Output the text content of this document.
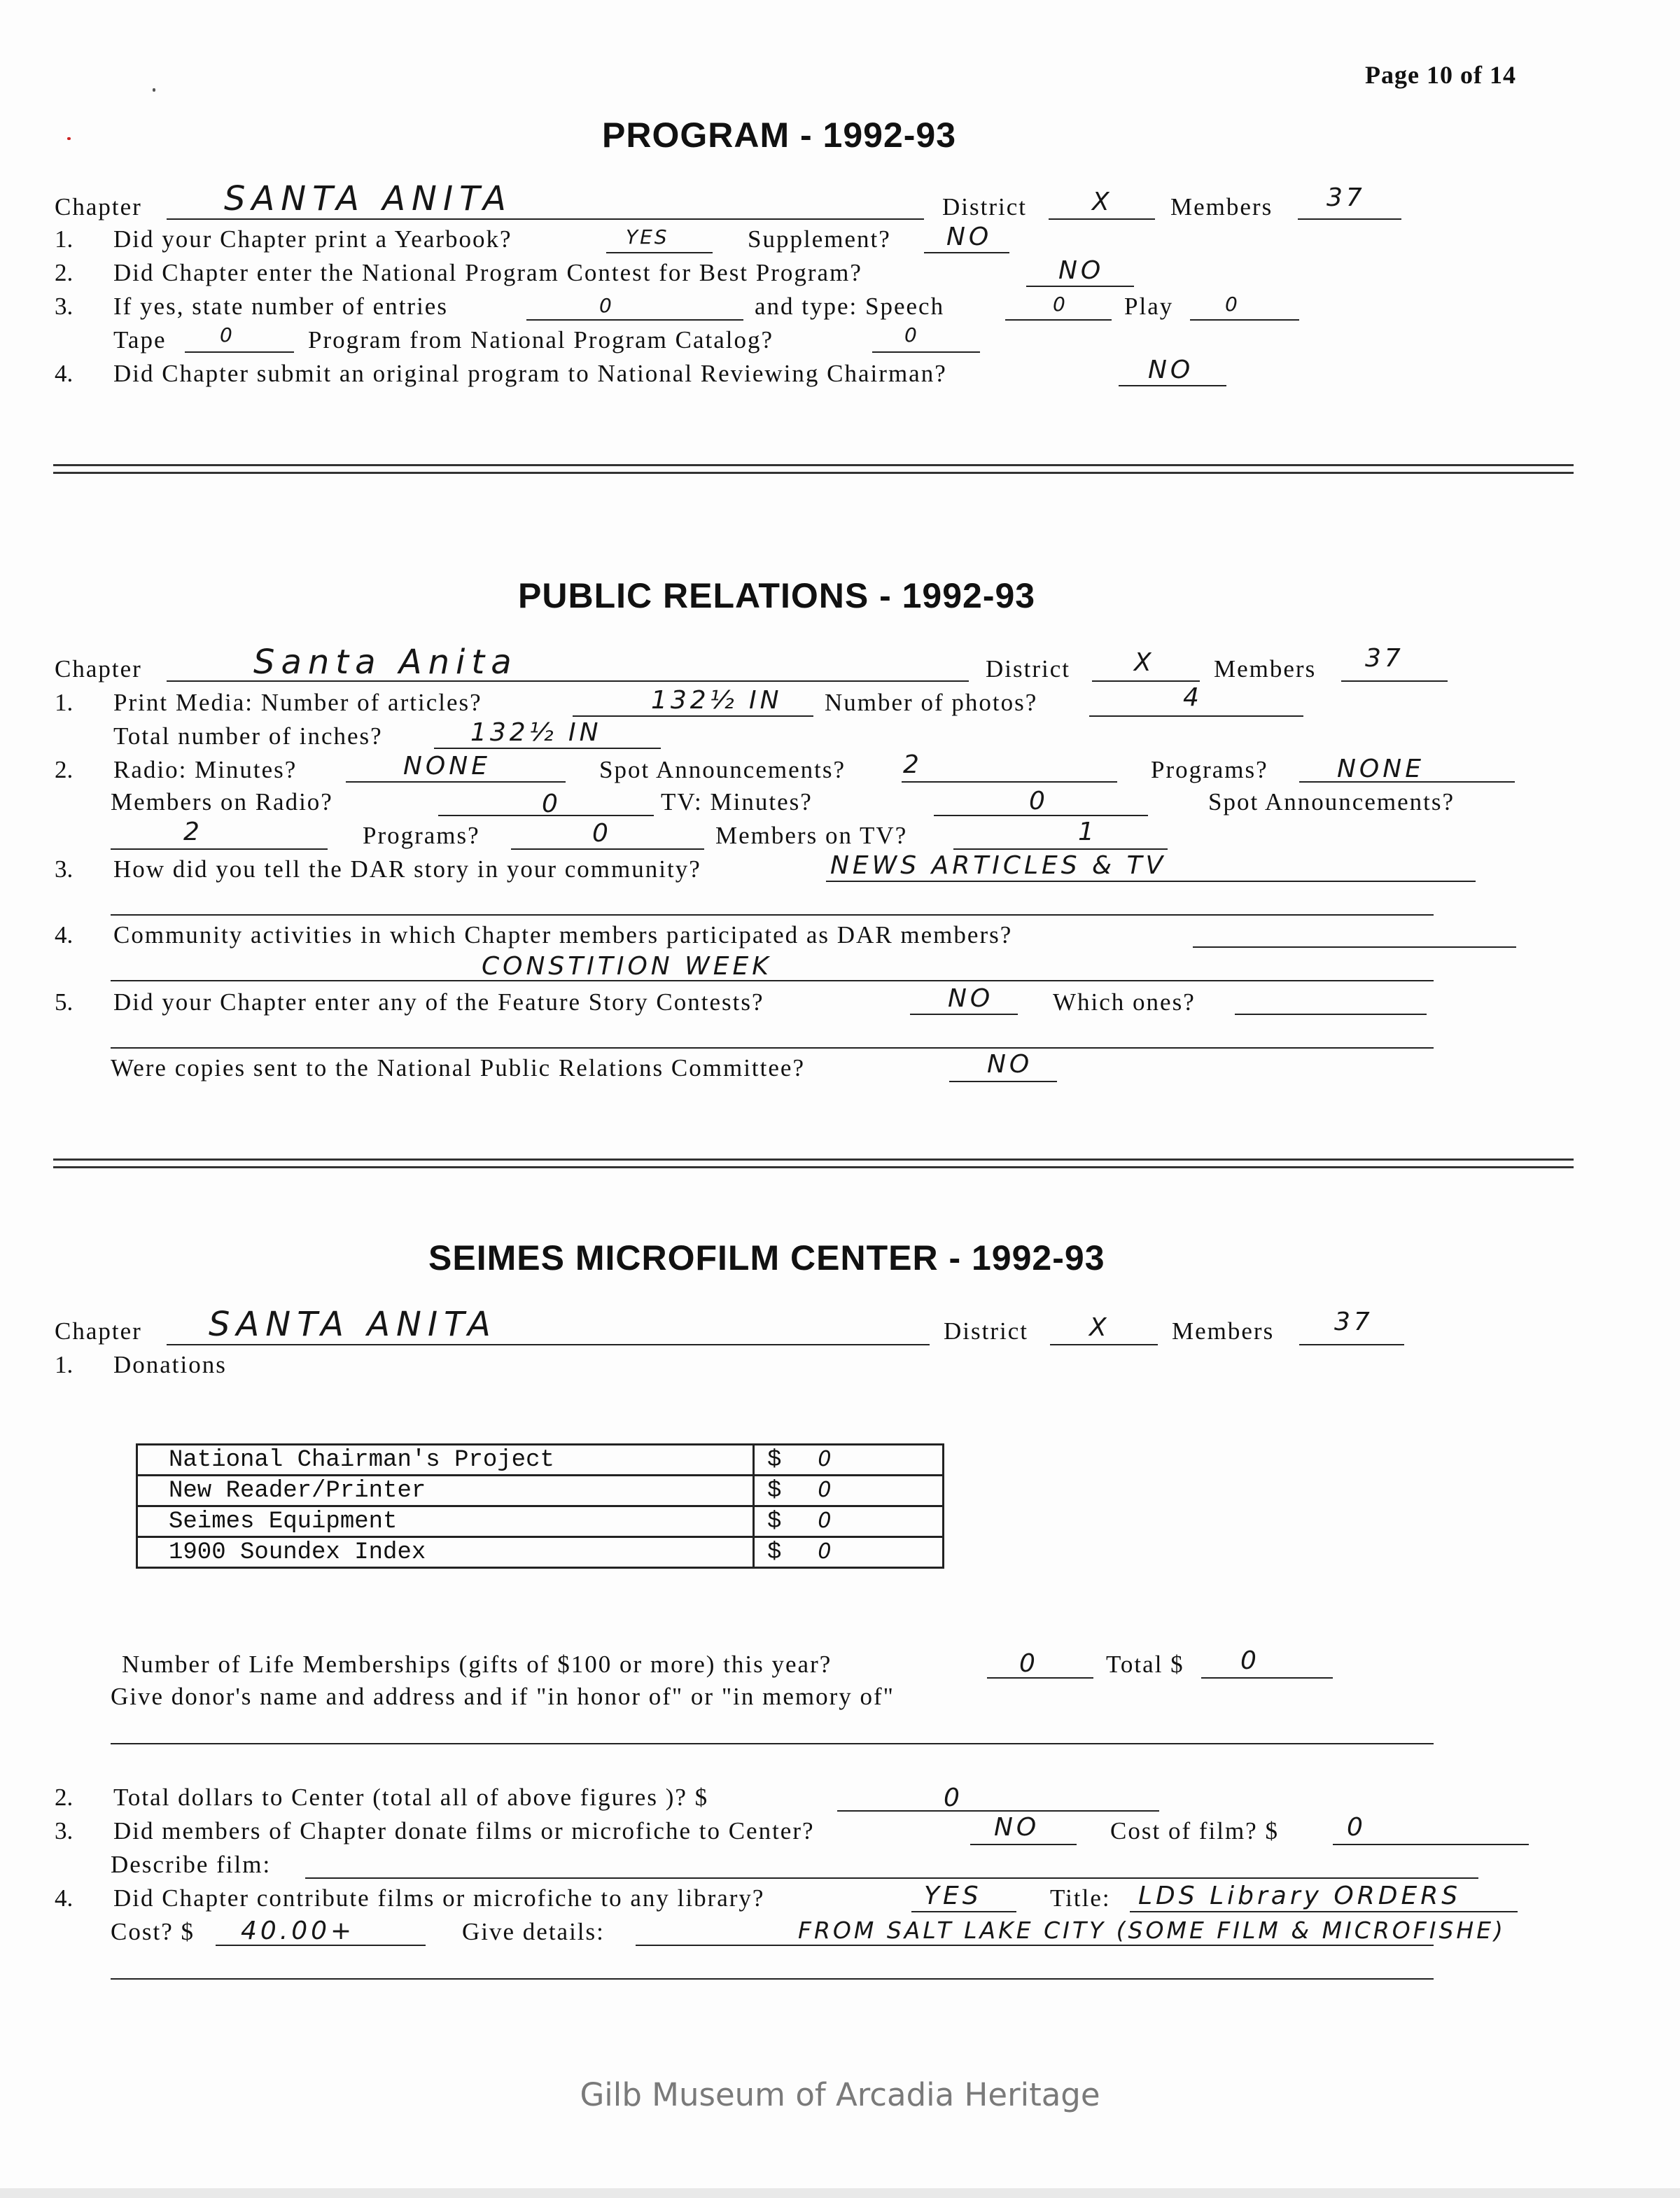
Page 10 of 14
PROGRAM - 1992-93
Chapter SANTA ANITA	District	X Members 37
1. Did your Chapter print a Yearbook?	YES	Supplement? NO
2. Did Chapter enter the National Program Contest for Best Program?	NO
3. If yes, state number of entries	0	and type: Speech	0 Play	0
Tape	0	Program from National Program Catalog?	0
4. Did Chapter submit an original program to National Reviewing Chairman?	NO
PUBLIC RELATIONS - 1992-93
Chapter	Santa Anita	District	X Members 37
1. Print Media: Number of articles?	132½ IN Number of photos?	4
Total number of inches?	132½ IN
2. Radio: Minutes?	NONE	Spot Announcements? 2	Programs?	NONE
Members on Radio?	0	TV: Minutes?	0	Spot Announcements?
2	Programs?	0	Members on TV?	1
3. How did you tell the DAR story in your community?	NEWS ARTICLES & TV
4. Community activities in which Chapter members participated as DAR members?
CONSTITION WEEK
5. Did your Chapter enter any of the Feature Story Contests?	NO Which ones?
Were copies sent to the National Public Relations Committee?	NO
SEIMES MICROFILM CENTER - 1992-93
Chapter SANTA ANITA	District X	Members 37
1. Donations
National Chairman's Project	$ 0
New Reader/Printer	$ 0
Seimes Equipment	$ 0
1900 Soundex Index	$ 0
Number of Life Memberships (gifts of $100 or more) this year?	0	Total $ 0
Give donor's name and address and if "in honor of" or "in memory of"
2. Total dollars to Center (total all of above figures )? $	0
3. Did members of Chapter donate films or microfiche to Center?	NO	Cost of film? $	0
Describe film:
4. Did Chapter contribute films or microfiche to any library?	YES	Title: LDS Library ORDERS
Cost? $ 40.00+	Give details:	FROM SALT LAKE CITY (SOME FILM & MICROFISHE)
Gilb Museum of Arcadia Heritage
